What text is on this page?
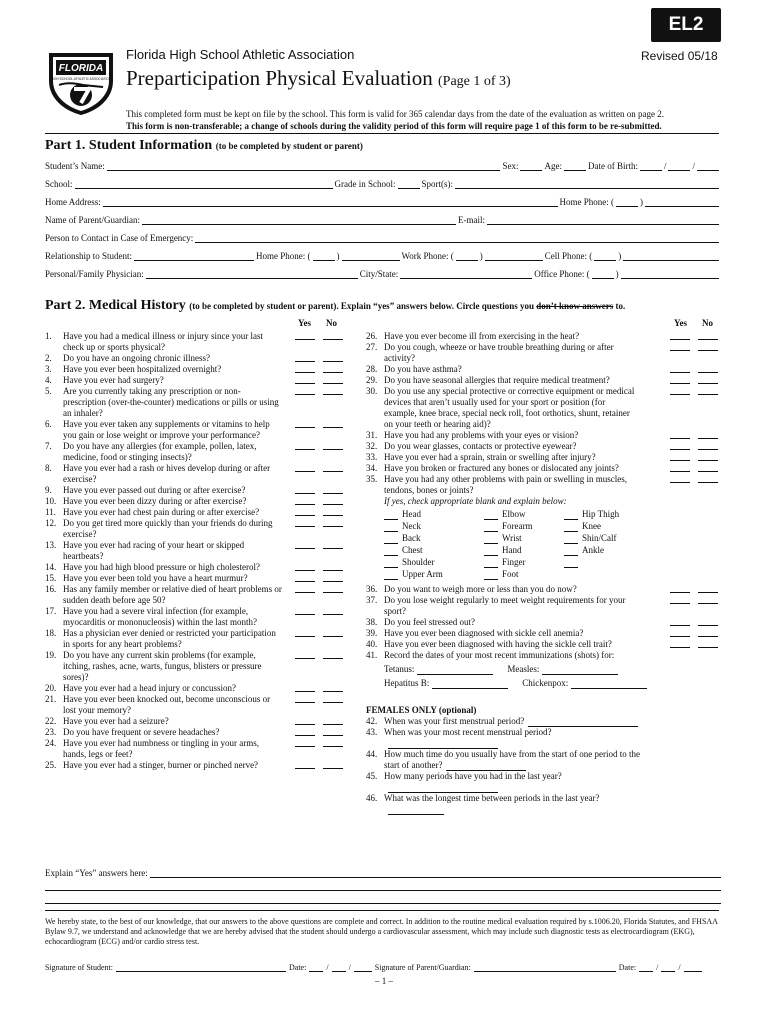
EL2
Revised 05/18
FLORIDA
HIGH SCHOOL ATHLETIC ASSOCIATION
Florida High School Athletic Association
Preparticipation Physical Evaluation (Page 1 of 3)
This completed form must be kept on file by the school. This form is valid for 365 calendar days from the date of the evaluation as written on page 2.
This form is non-transferable; a change of schools during the validity period of this form will require page 1 of this form to be re-submitted.
Part 1. Student Information (to be completed by student or parent)
Student’s Name:	Sex:	Age:	Date of Birth:	/	/
School:	Grade in School:	Sport(s):
Home Address:	Home Phone: (	)
Name of Parent/Guardian:	E-mail:
Person to Contact in Case of Emergency:
Relationship to Student:	Home Phone: (	)	Work Phone: (	)	Cell Phone: (	)
Personal/Family Physician:	City/State:	Office Phone: (	)
Part 2. Medical History (to be completed by student or parent). Explain “yes” answers below. Circle questions you don’t know answers to.
Yes No	Yes No
1.	Have you had a medical illness or injury since your last check up or sports physical?
2.	Do you have an ongoing chronic illness?
3.	Have you ever been hospitalized overnight?
4.	Have you ever had surgery?
5.	Are you currently taking any prescription or non-prescription (over-the-counter) medications or pills or using an inhaler?
6.	Have you ever taken any supplements or vitamins to help you gain or lose weight or improve your performance?
7.	Do you have any allergies (for example, pollen, latex, medicine, food or stinging insects)?
8.	Have you ever had a rash or hives develop during or after exercise?
9.	Have you ever passed out during or after exercise?
10. Have you ever been dizzy during or after exercise?
11. Have you ever had chest pain during or after exercise?
12. Do you get tired more quickly than your friends do during exercise?
13. Have you ever had racing of your heart or skipped heartbeats?
14. Have you had high blood pressure or high cholesterol?
15. Have you ever been told you have a heart murmur?
16. Has any family member or relative died of heart problems or sudden death before age 50?
17. Have you had a severe viral infection (for example, myocarditis or mononucleosis) within the last month?
18. Has a physician ever denied or restricted your participation in sports for any heart problems?
19. Do you have any current skin problems (for example, itching, rashes, acne, warts, fungus, blisters or pressure sores)?
20. Have you ever had a head injury or concussion?
21. Have you ever been knocked out, become unconscious or lost your memory?
22. Have you ever had a seizure?
23. Do you have frequent or severe headaches?
24. Have you ever had numbness or tingling in your arms, hands, legs or feet?
25. Have you ever had a stinger, burner or pinched nerve?
26. Have you ever become ill from exercising in the heat?
27. Do you cough, wheeze or have trouble breathing during or after activity?
28. Do you have asthma?
29. Do you have seasonal allergies that require medical treatment?
30. Do you use any special protective or corrective equipment or medical devices that aren’t usually used for your sport or position (for example, knee brace, special neck roll, foot orthotics, shunt, retainer on your teeth or hearing aid)?
31. Have you had any problems with your eyes or vision?
32. Do you wear glasses, contacts or protective eyewear?
33. Have you ever had a sprain, strain or swelling after injury?
34. Have you broken or fractured any bones or dislocated any joints?
35. Have you had any other problems with pain or swelling in muscles, tendons, bones or joints?
If yes, check appropriate blank and explain below:
Head	Elbow	Hip Thigh
Neck	Forearm	Knee
Back	Wrist	Shin/Calf
Chest	Hand	Ankle
Shoulder	Finger
Upper Arm	Foot
36. Do you want to weigh more or less than you do now?
37. Do you lose weight regularly to meet weight requirements for your sport?
38. Do you feel stressed out?
39. Have you ever been diagnosed with sickle cell anemia?
40. Have you ever been diagnosed with having the sickle cell trait?
41. Record the dates of your most recent immunizations (shots) for:
Tetanus:	Measles:
Hepatitus B:	Chickenpox:
FEMALES ONLY (optional)
42. When was your first menstrual period?
43. When was your most recent menstrual period?
44. How much time do you usually have from the start of one period to the start of another?
45. How many periods have you had in the last year?
46. What was the longest time between periods in the last year?
Explain “Yes” answers here:
We hereby state, to the best of our knowledge, that our answers to the above questions are complete and correct. In addition to the routine medical evaluation required by s.1006.20, Florida Statutes, and FHSAA Bylaw 9.7, we understand and acknowledge that we are hereby advised that the student should undergo a cardiovascular assessment, which may include such diagnostic tests as electrocardiogram (EKG), echocardiogram (ECG) and/or cardio stress test.
Signature of Student:	Date:	/	/	Signature of Parent/Guardian:	Date:	/	/
– 1 –
